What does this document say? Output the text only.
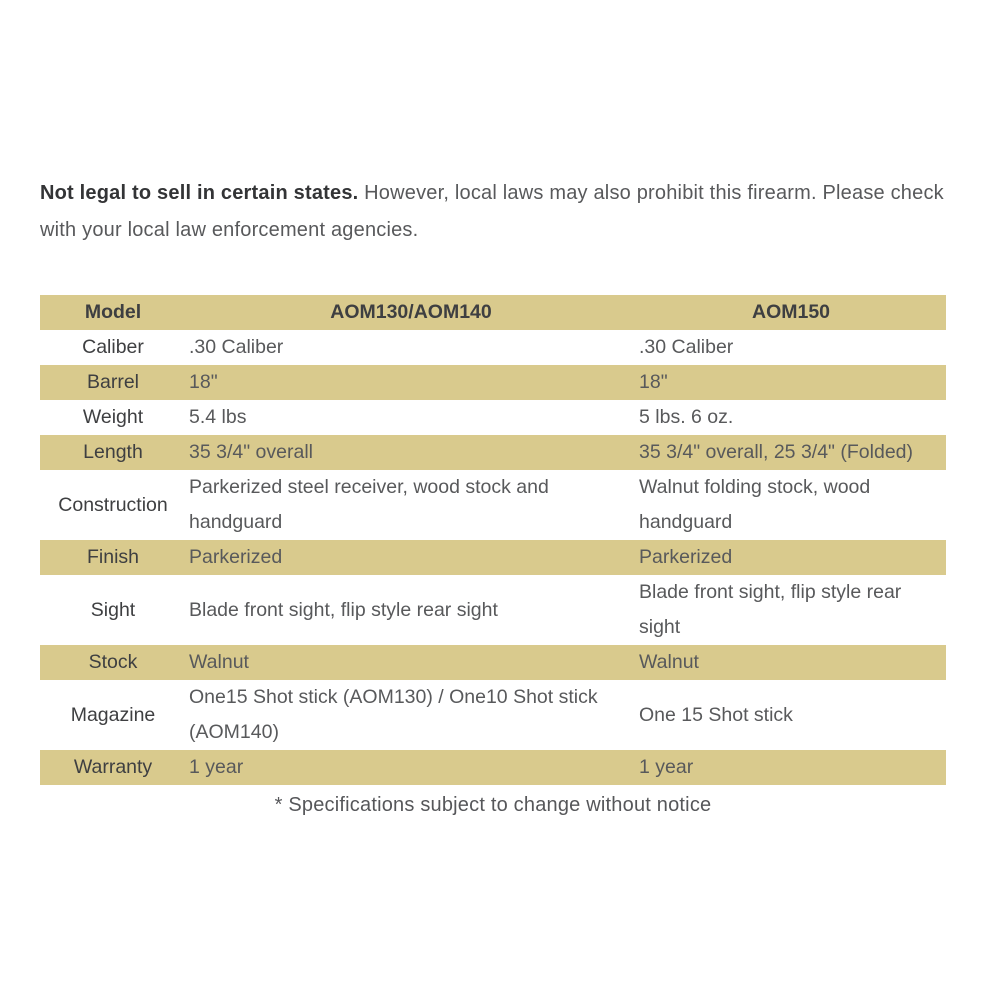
Not legal to sell in certain states. However, local laws may also prohibit this firearm. Please check with your local law enforcement agencies.

Model	AOM130/AOM140	AOM150
Caliber	.30 Caliber	.30 Caliber
Barrel	18"	18"
Weight	5.4 lbs	5 lbs. 6 oz.
Length	35 3/4" overall	35 3/4" overall, 25 3/4" (Folded)
Construction	Parkerized steel receiver, wood stock and handguard	Walnut folding stock, wood handguard
Finish	Parkerized	Parkerized
Sight	Blade front sight, flip style rear sight	Blade front sight, flip style rear sight
Stock	Walnut	Walnut
Magazine	One15 Shot stick (AOM130) / One10 Shot stick (AOM140)	One 15 Shot stick
Warranty	1 year	1 year
* Specifications subject to change without notice
